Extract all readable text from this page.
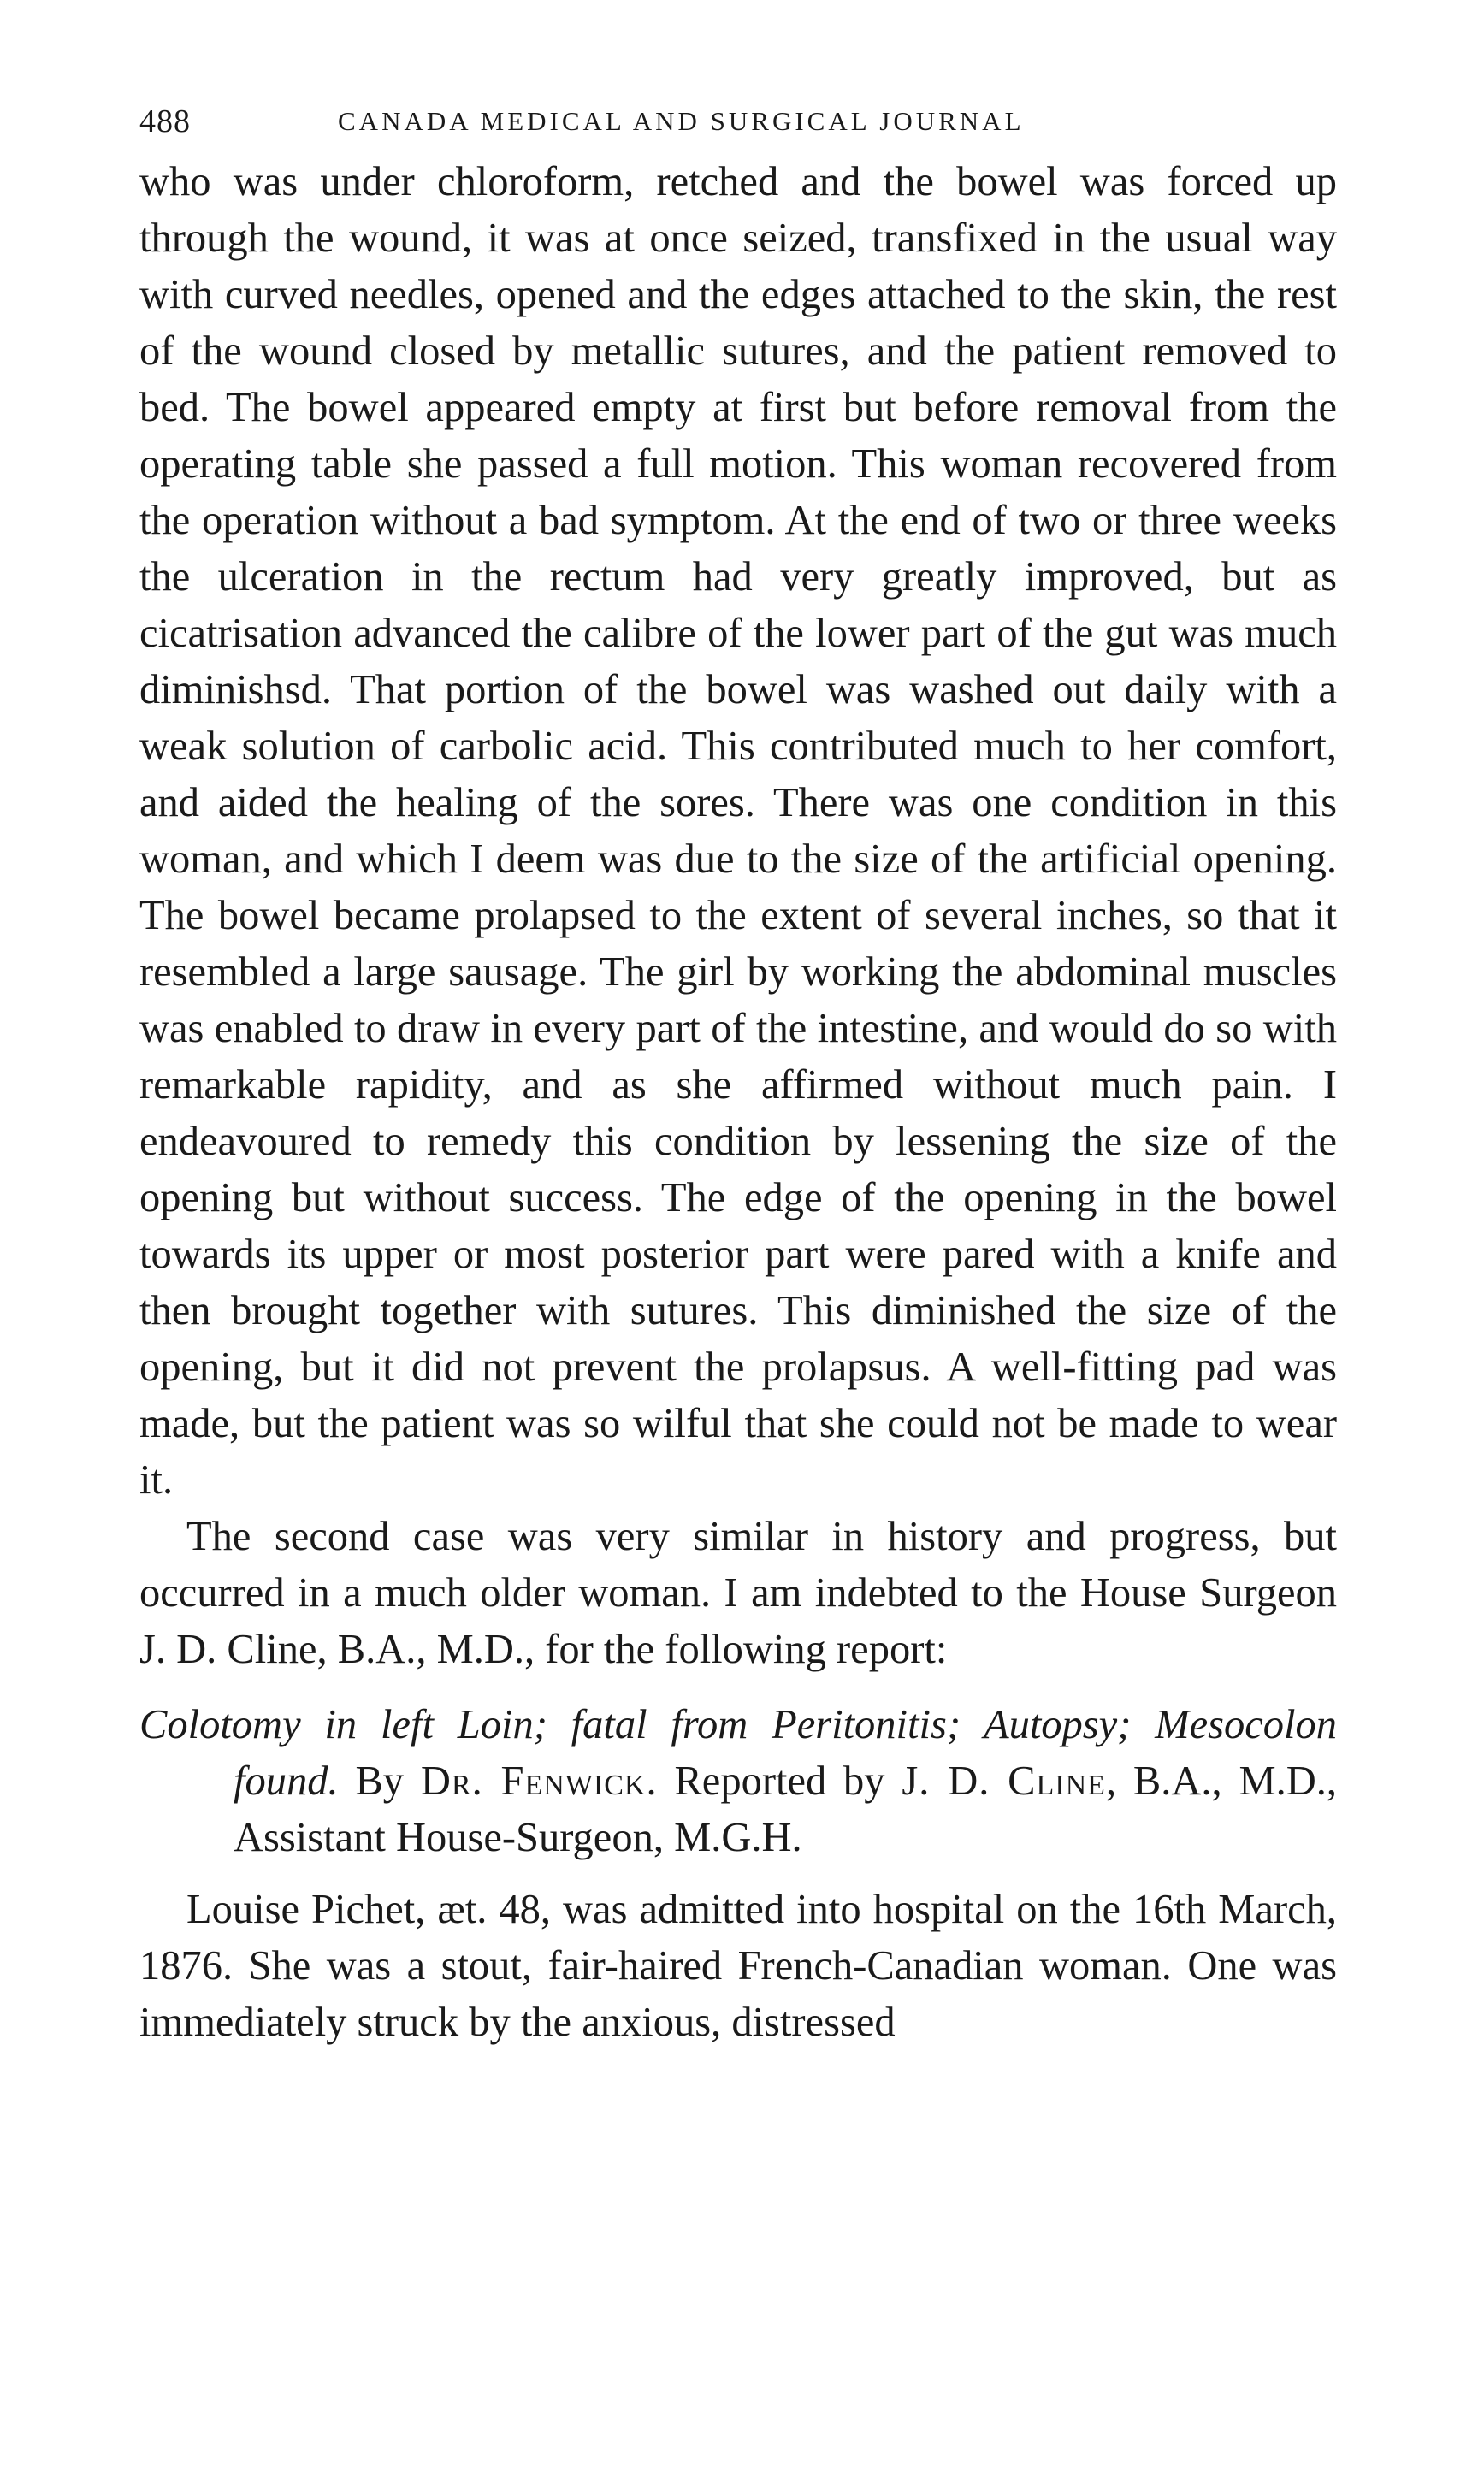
488	CANADA MEDICAL AND SURGICAL JOURNAL

who was under chloroform, retched and the bowel was forced up through the wound, it was at once seized, transfixed in the usual way with curved needles, opened and the edges attached to the skin, the rest of the wound closed by metallic sutures, and the patient removed to bed. The bowel appeared empty at first but before removal from the operating table she passed a full motion. This woman recovered from the operation without a bad symptom. At the end of two or three weeks the ulceration in the rectum had very greatly improved, but as cicatrisation advanced the calibre of the lower part of the gut was much diminishsd. That portion of the bowel was washed out daily with a weak solution of carbolic acid. This contributed much to her comfort, and aided the healing of the sores. There was one condition in this woman, and which I deem was due to the size of the artificial opening. The bowel became prolapsed to the extent of several inches, so that it resembled a large sausage. The girl by working the abdominal muscles was enabled to draw in every part of the intestine, and would do so with remarkable rapidity, and as she affirmed without much pain. I endeavoured to remedy this condition by lessening the size of the opening but without success. The edge of the opening in the bowel towards its upper or most posterior part were pared with a knife and then brought together with sutures. This diminished the size of the opening, but it did not prevent the prolapsus. A well-fitting pad was made, but the patient was so wilful that she could not be made to wear it.

The second case was very similar in history and progress, but occurred in a much older woman. I am indebted to the House Surgeon J. D. Cline, B.A., M.D., for the following report:

Colotomy in left Loin; fatal from Peritonitis; Autopsy; Mesocolon found. By Dr. Fenwick. Reported by J. D. Cline, B.A., M.D., Assistant House-Surgeon, M.G.H.

Louise Pichet, æt. 48, was admitted into hospital on the 16th March, 1876. She was a stout, fair-haired French-Canadian woman. One was immediately struck by the anxious, distressed
